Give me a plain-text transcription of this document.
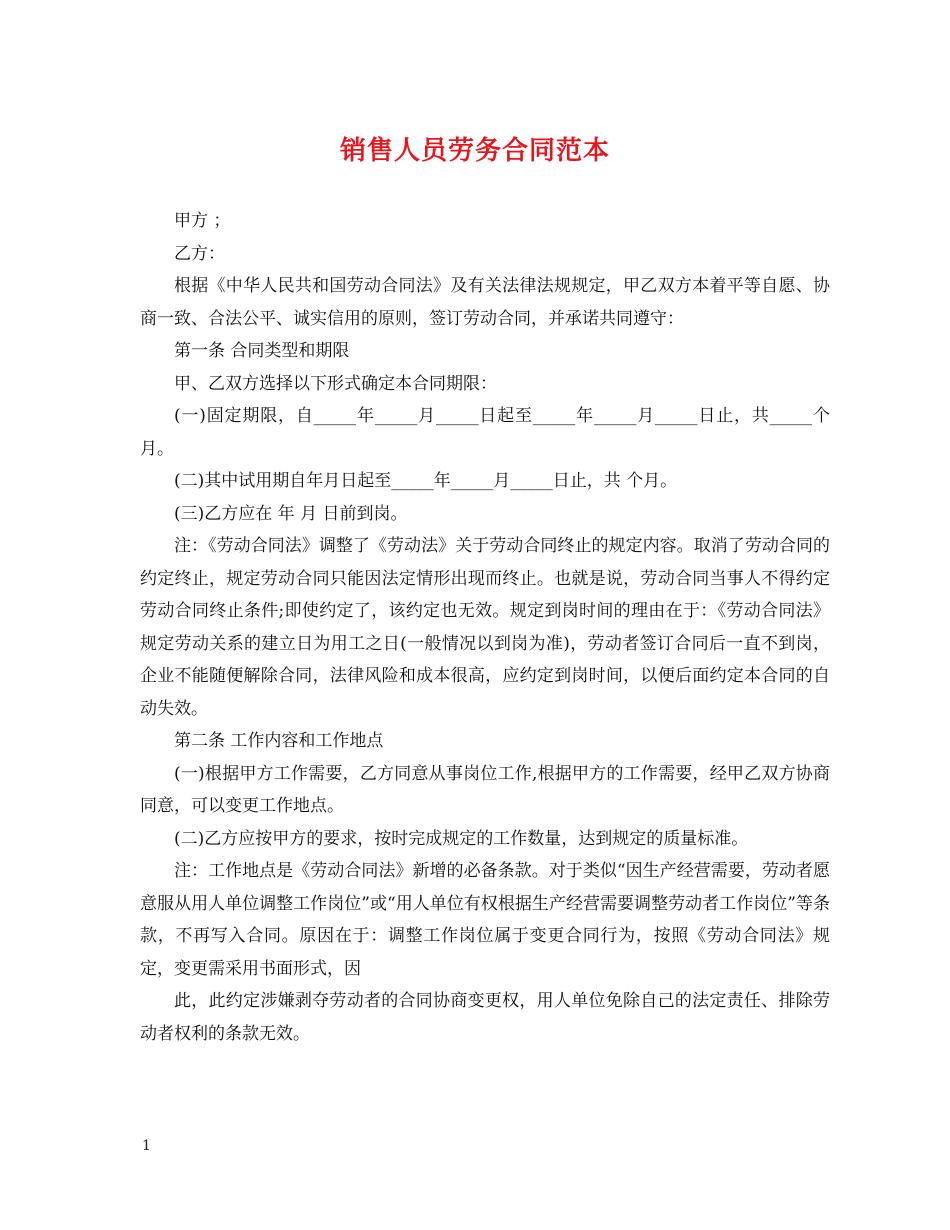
销售人员劳务合同范本

甲方 ；

乙方：

根据《中华人民共和国劳动合同法》及有关法律法规规定，甲乙双方本着平等自愿、协商一致、合法公平、诚实信用的原则，签订劳动合同，并承诺共同遵守：

第一条 合同类型和期限

甲、乙双方选择以下形式确定本合同期限：

(一)固定期限，自_____年_____月_____日起至_____年_____月_____日止，共_____个月。

(二)其中试用期自年月日起至_____年_____月_____日止，共 个月。

(三)乙方应在 年 月 日前到岗。

注：《劳动合同法》调整了《劳动法》关于劳动合同终止的规定内容。取消了劳动合同的约定终止，规定劳动合同只能因法定情形出现而终止。也就是说，劳动合同当事人不得约定劳动合同终止条件;即使约定了，该约定也无效。规定到岗时间的理由在于：《劳动合同法》规定劳动关系的建立日为用工之日(一般情况以到岗为准)，劳动者签订合同后一直不到岗，企业不能随便解除合同，法律风险和成本很高，应约定到岗时间，以便后面约定本合同的自动失效。

第二条 工作内容和工作地点

(一)根据甲方工作需要，乙方同意从事岗位工作,根据甲方的工作需要，经甲乙双方协商同意，可以变更工作地点。

(二)乙方应按甲方的要求，按时完成规定的工作数量，达到规定的质量标准。

注：工作地点是《劳动合同法》新增的必备条款。对于类似“因生产经营需要，劳动者愿意服从用人单位调整工作岗位”或“用人单位有权根据生产经营需要调整劳动者工作岗位”等条款，不再写入合同。原因在于：调整工作岗位属于变更合同行为，按照《劳动合同法》规定，变更需采用书面形式，因

此，此约定涉嫌剥夺劳动者的合同协商变更权，用人单位免除自己的法定责任、排除劳动者权利的条款无效。

1
